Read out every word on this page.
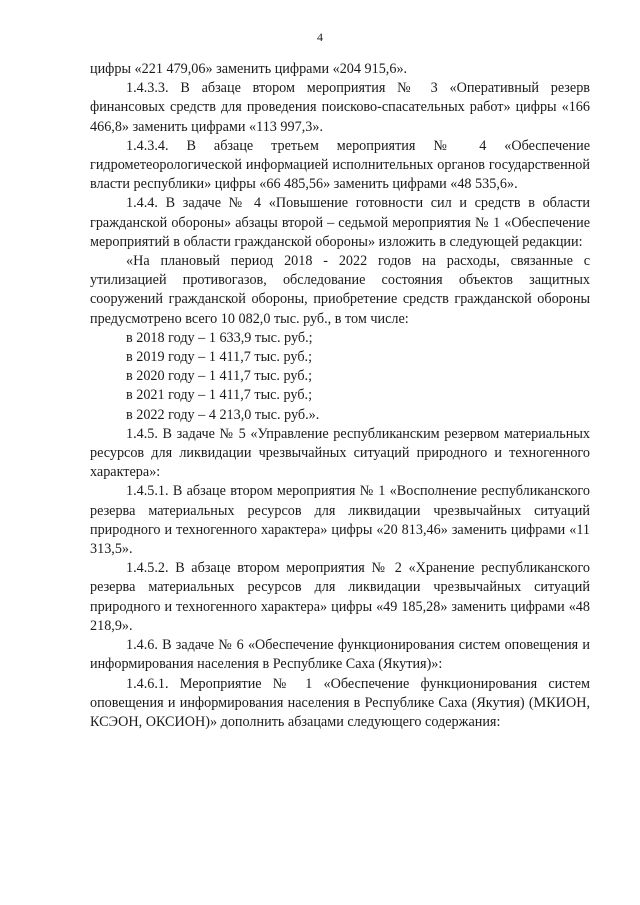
4

цифры «221 479,06» заменить цифрами «204 915,6».

1.4.3.3. В абзаце втором мероприятия № 3 «Оперативный резерв финансовых средств для проведения поисково-спасательных работ» цифры «166 466,8» заменить цифрами «113 997,3».

1.4.3.4. В абзаце третьем мероприятия № 4 «Обеспечение гидрометеорологической информацией исполнительных органов государственной власти республики» цифры «66 485,56» заменить цифрами «48 535,6».

1.4.4. В задаче № 4 «Повышение готовности сил и средств в области гражданской обороны» абзацы второй – седьмой мероприятия № 1 «Обеспечение мероприятий в области гражданской обороны» изложить в следующей редакции:

«На плановый период 2018 - 2022 годов на расходы, связанные с утилизацией противогазов, обследование состояния объектов защитных сооружений гражданской обороны, приобретение средств гражданской обороны предусмотрено всего 10 082,0 тыс. руб., в том числе:

в 2018 году – 1 633,9 тыс. руб.;

в 2019 году – 1 411,7 тыс. руб.;

в 2020 году – 1 411,7 тыс. руб.;

в 2021 году – 1 411,7 тыс. руб.;

в 2022 году – 4 213,0 тыс. руб.».

1.4.5. В задаче № 5 «Управление республиканским резервом материальных ресурсов для ликвидации чрезвычайных ситуаций природного и техногенного характера»:

1.4.5.1. В абзаце втором мероприятия № 1 «Восполнение республиканского резерва материальных ресурсов для ликвидации чрезвычайных ситуаций природного и техногенного характера» цифры «20 813,46» заменить цифрами «11 313,5».

1.4.5.2. В абзаце втором мероприятия № 2 «Хранение республиканского резерва материальных ресурсов для ликвидации чрезвычайных ситуаций природного и техногенного характера» цифры «49 185,28» заменить цифрами «48 218,9».

1.4.6. В задаче № 6 «Обеспечение функционирования систем оповещения и информирования населения в Республике Саха (Якутия)»:

1.4.6.1. Мероприятие № 1 «Обеспечение функционирования систем оповещения и информирования населения в Республике Саха (Якутия) (МКИОН, КСЭОН, ОКСИОН)» дополнить абзацами следующего содержания:
